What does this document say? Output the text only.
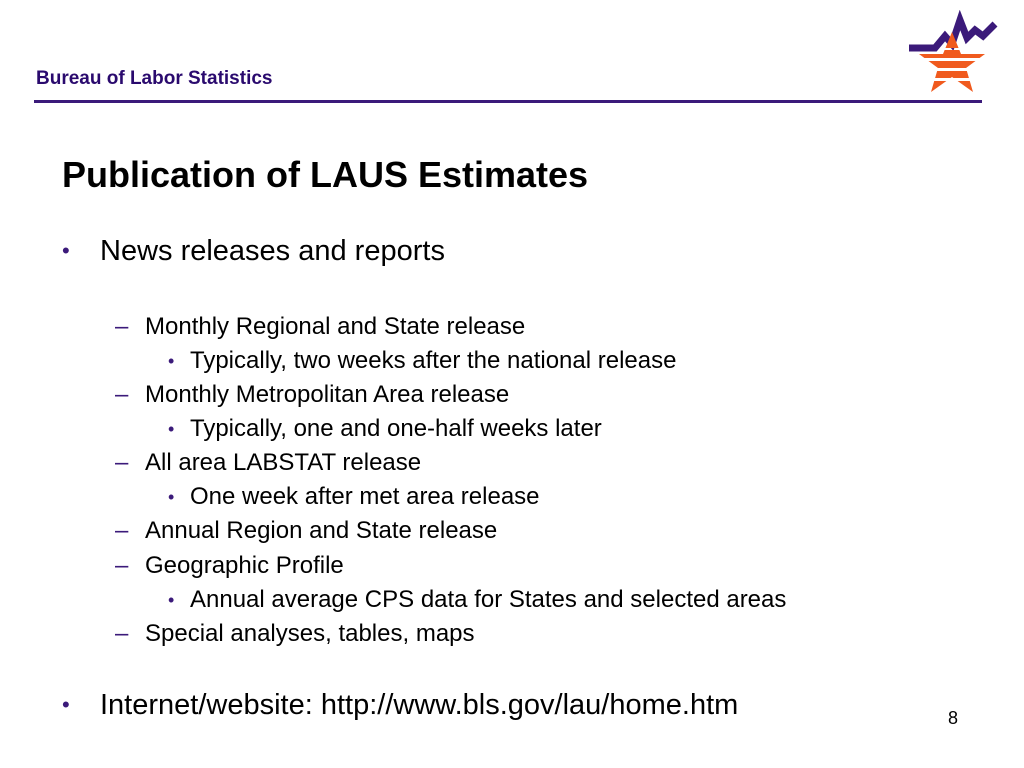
Bureau of Labor Statistics
Publication of LAUS Estimates
• News releases and reports
– Monthly Regional and State release
• Typically, two weeks after the national release
– Monthly Metropolitan Area release
• Typically, one and one-half weeks later
– All area LABSTAT release
• One week after met area release
– Annual Region and State release
– Geographic Profile
• Annual average CPS data for States and selected areas
– Special analyses, tables, maps
• Internet/website: http://www.bls.gov/lau/home.htm	8
